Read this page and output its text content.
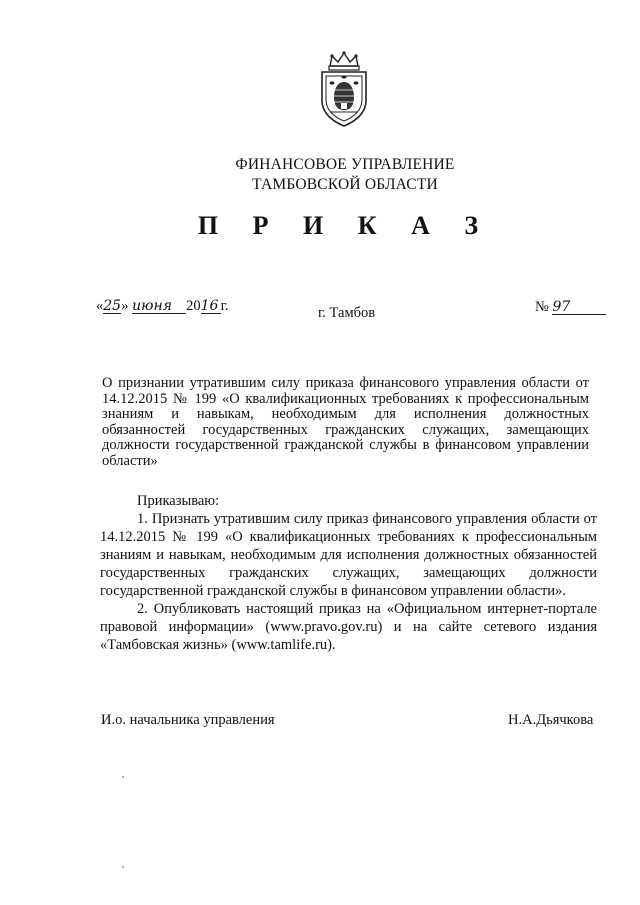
ФИНАНСОВОЕ УПРАВЛЕНИЕ
ТАМБОВСКОЙ ОБЛАСТИ
П Р И К А З
«25» июня 2016 г.	г. Тамбов	№ 97

О признании утратившим силу приказа финансового управления области от 14.12.2015 № 199 «О квалификационных требованиях к профессиональным знаниям и навыкам, необходимым для исполнения должностных обязанностей государственных гражданских служащих, замещающих должности государственной гражданской службы в финансовом управлении области»

Приказываю:

1. Признать утратившим силу приказ финансового управления области от 14.12.2015 № 199 «О квалификационных требованиях к профессиональным знаниям и навыкам, необходимым для исполнения должностных обязанностей государственных гражданских служащих, замещающих должности государственной гражданской службы в финансовом управлении области».

2. Опубликовать настоящий приказ на «Официальном интернет-портале правовой информации» (www.pravo.gov.ru) и на сайте сетевого издания «Тамбовская жизнь» (www.tamlife.ru).

И.о. начальника управления	Н.А.Дьячкова
